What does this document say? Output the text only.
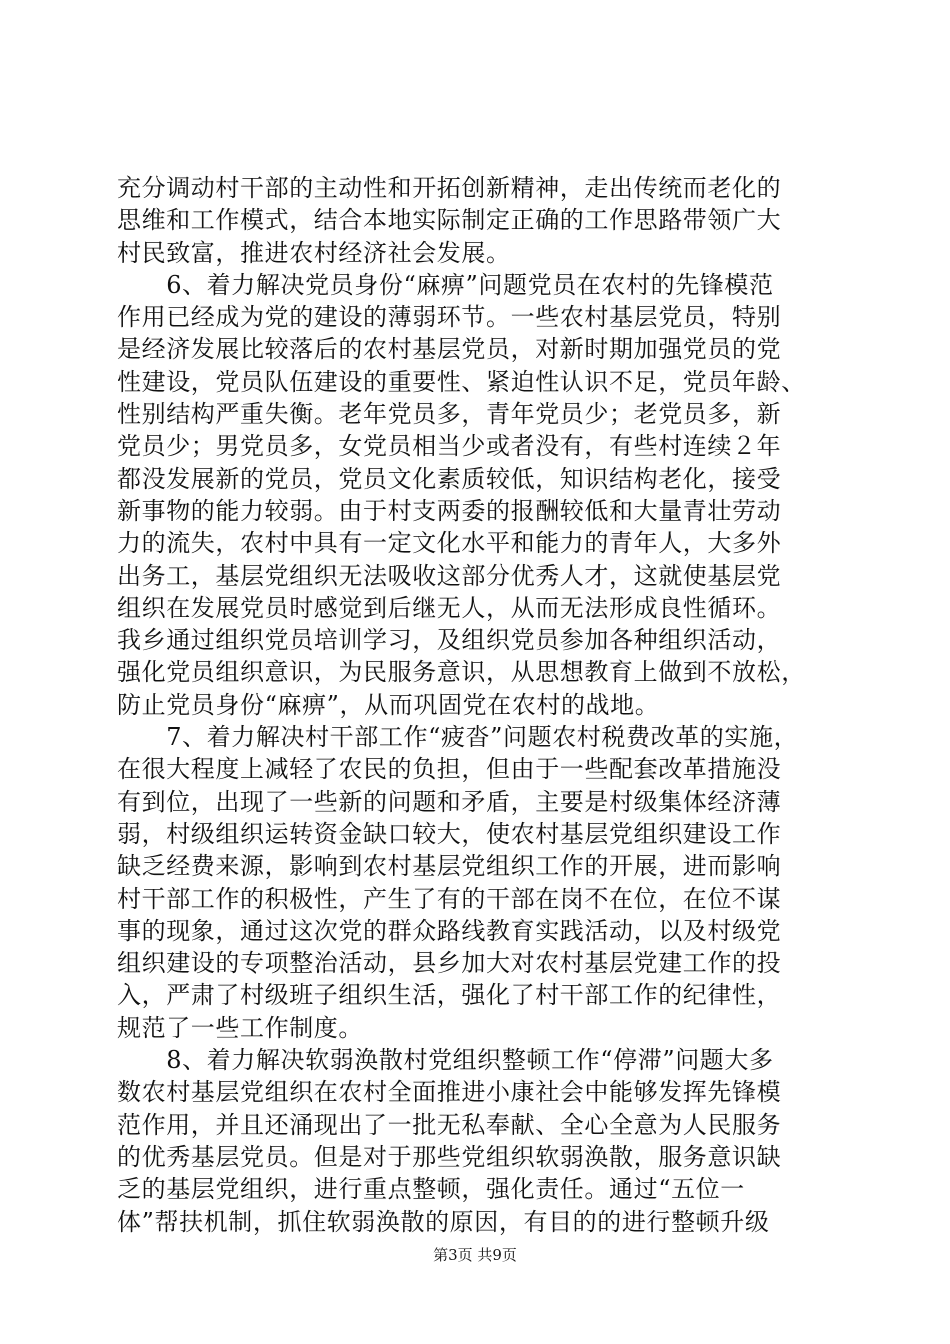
充分调动村干部的主动性和开拓创新精神，走出传统而老化的
思维和工作模式，结合本地实际制定正确的工作思路带领广大
村民致富，推进农村经济社会发展。
　　6、着力解决党员身份“麻痹”问题党员在农村的先锋模范
作用已经成为党的建设的薄弱环节。一些农村基层党员，特别
是经济发展比较落后的农村基层党员，对新时期加强党员的党
性建设，党员队伍建设的重要性、紧迫性认识不足，党员年龄、
性别结构严重失衡。老年党员多，青年党员少；老党员多，新
党员少；男党员多，女党员相当少或者没有，有些村连续２年
都没发展新的党员，党员文化素质较低，知识结构老化，接受
新事物的能力较弱。由于村支两委的报酬较低和大量青壮劳动
力的流失，农村中具有一定文化水平和能力的青年人，大多外
出务工，基层党组织无法吸收这部分优秀人才，这就使基层党
组织在发展党员时感觉到后继无人，从而无法形成良性循环。
我乡通过组织党员培训学习，及组织党员参加各种组织活动，
强化党员组织意识，为民服务意识，从思想教育上做到不放松，
防止党员身份“麻痹”，从而巩固党在农村的战地。
　　7、着力解决村干部工作“疲沓”问题农村税费改革的实施，
在很大程度上减轻了农民的负担，但由于一些配套改革措施没
有到位，出现了一些新的问题和矛盾，主要是村级集体经济薄
弱，村级组织运转资金缺口较大，使农村基层党组织建设工作
缺乏经费来源，影响到农村基层党组织工作的开展，进而影响
村干部工作的积极性，产生了有的干部在岗不在位，在位不谋
事的现象，通过这次党的群众路线教育实践活动，以及村级党
组织建设的专项整治活动，县乡加大对农村基层党建工作的投
入，严肃了村级班子组织生活，强化了村干部工作的纪律性，
规范了一些工作制度。
　　8、着力解决软弱涣散村党组织整顿工作“停滞”问题大多
数农村基层党组织在农村全面推进小康社会中能够发挥先锋模
范作用，并且还涌现出了一批无私奉献、全心全意为人民服务
的优秀基层党员。但是对于那些党组织软弱涣散，服务意识缺
乏的基层党组织，进行重点整顿，强化责任。通过“五位一
体”帮扶机制，抓住软弱涣散的原因，有目的的进行整顿升级
第3页 共9页
